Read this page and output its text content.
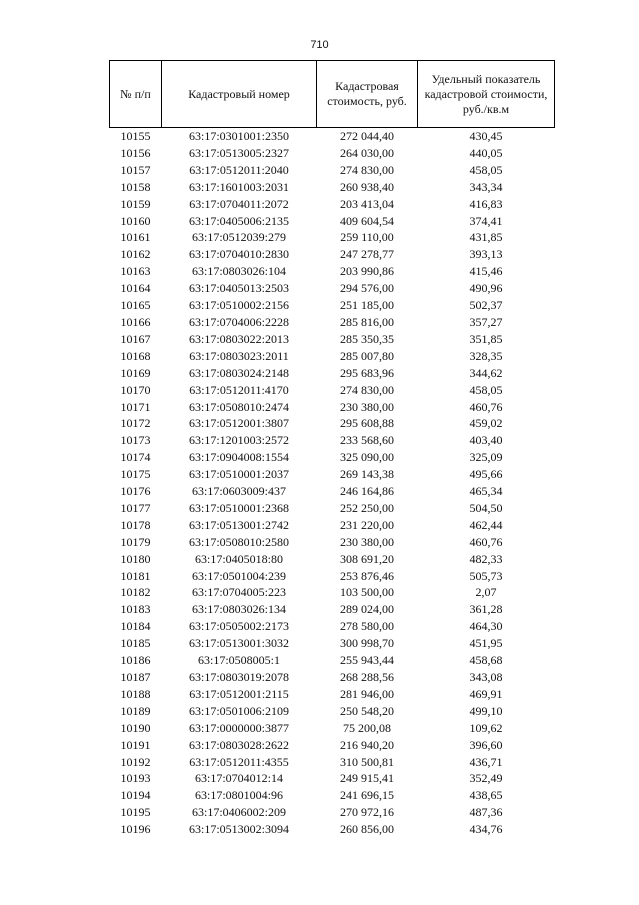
710
№ п/п	Кадастровый номер	Кадастровая стоимость, руб.	Удельный показатель кадастровой стоимости, руб./кв.м
10155	63:17:0301001:2350	272 044,40	430,45
10156	63:17:0513005:2327	264 030,00	440,05
10157	63:17:0512011:2040	274 830,00	458,05
10158	63:17:1601003:2031	260 938,40	343,34
10159	63:17:0704011:2072	203 413,04	416,83
10160	63:17:0405006:2135	409 604,54	374,41
10161	63:17:0512039:279	259 110,00	431,85
10162	63:17:0704010:2830	247 278,77	393,13
10163	63:17:0803026:104	203 990,86	415,46
10164	63:17:0405013:2503	294 576,00	490,96
10165	63:17:0510002:2156	251 185,00	502,37
10166	63:17:0704006:2228	285 816,00	357,27
10167	63:17:0803022:2013	285 350,35	351,85
10168	63:17:0803023:2011	285 007,80	328,35
10169	63:17:0803024:2148	295 683,96	344,62
10170	63:17:0512011:4170	274 830,00	458,05
10171	63:17:0508010:2474	230 380,00	460,76
10172	63:17:0512001:3807	295 608,88	459,02
10173	63:17:1201003:2572	233 568,60	403,40
10174	63:17:0904008:1554	325 090,00	325,09
10175	63:17:0510001:2037	269 143,38	495,66
10176	63:17:0603009:437	246 164,86	465,34
10177	63:17:0510001:2368	252 250,00	504,50
10178	63:17:0513001:2742	231 220,00	462,44
10179	63:17:0508010:2580	230 380,00	460,76
10180	63:17:0405018:80	308 691,20	482,33
10181	63:17:0501004:239	253 876,46	505,73
10182	63:17:0704005:223	103 500,00	2,07
10183	63:17:0803026:134	289 024,00	361,28
10184	63:17:0505002:2173	278 580,00	464,30
10185	63:17:0513001:3032	300 998,70	451,95
10186	63:17:0508005:1	255 943,44	458,68
10187	63:17:0803019:2078	268 288,56	343,08
10188	63:17:0512001:2115	281 946,00	469,91
10189	63:17:0501006:2109	250 548,20	499,10
10190	63:17:0000000:3877	75 200,08	109,62
10191	63:17:0803028:2622	216 940,20	396,60
10192	63:17:0512011:4355	310 500,81	436,71
10193	63:17:0704012:14	249 915,41	352,49
10194	63:17:0801004:96	241 696,15	438,65
10195	63:17:0406002:209	270 972,16	487,36
10196	63:17:0513002:3094	260 856,00	434,76
